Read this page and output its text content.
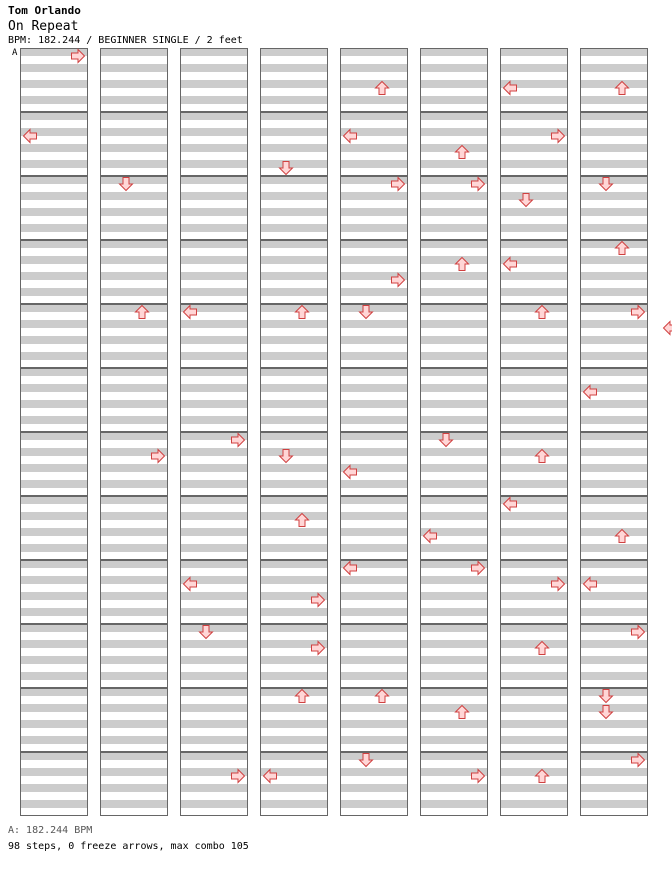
Tom Orlando
On Repeat
BPM: 182.244 / BEGINNER SINGLE / 2 feet
A
A: 182.244 BPM
98 steps, 0 freeze arrows, max combo 105
